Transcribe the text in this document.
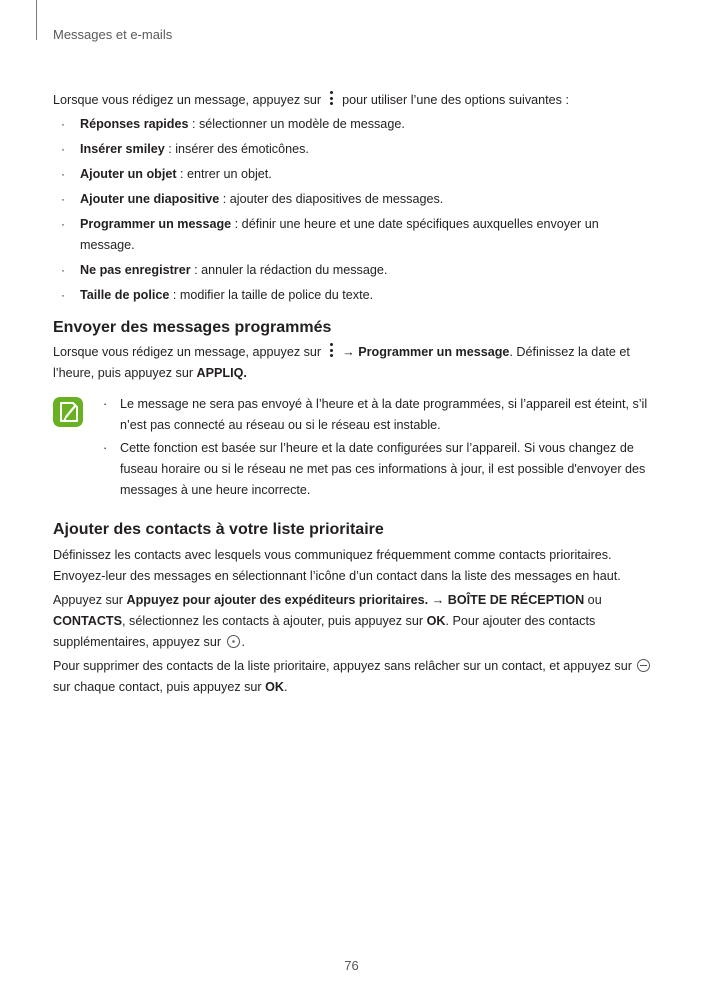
Messages et e-mails

Lorsque vous rédigez un message, appuyez sur
pour utiliser l’une des options suivantes :

· Réponses rapides : sélectionner un modèle de message.
· Insérer smiley : insérer des émoticônes.
· Ajouter un objet : entrer un objet.
· Ajouter une diapositive : ajouter des diapositives de messages.
· Programmer un message : définir une heure et une date spécifiques auxquelles envoyer un message.
· Ne pas enregistrer : annuler la rédaction du message.
· Taille de police : modifier la taille de police du texte.
Envoyer des messages programmés

Lorsque vous rédigez un message, appuyez sur
→ Programmer un message. Définissez la date et l’heure, puis appuyez sur APPLIQ.

· Le message ne sera pas envoyé à l’heure et à la date programmées, si l’appareil est éteint, s’il n’est pas connecté au réseau ou si le réseau est instable.
· Cette fonction est basée sur l’heure et la date configurées sur l’appareil. Si vous changez de fuseau horaire ou si le réseau ne met pas ces informations à jour, il est possible d'envoyer des messages à une heure incorrecte.
Ajouter des contacts à votre liste prioritaire

Définissez les contacts avec lesquels vous communiquez fréquemment comme contacts prioritaires. Envoyez-leur des messages en sélectionnant l’icône d’un contact dans la liste des messages en haut.

Appuyez sur Appuyez pour ajouter des expéditeurs prioritaires. → BOÎTE DE RÉCEPTION ou CONTACTS, sélectionnez les contacts à ajouter, puis appuyez sur OK. Pour ajouter des contacts supplémentaires, appuyez sur .

Pour supprimer des contacts de la liste prioritaire, appuyez sans relâcher sur un contact, et appuyez sur  sur chaque contact, puis appuyez sur OK.

76
